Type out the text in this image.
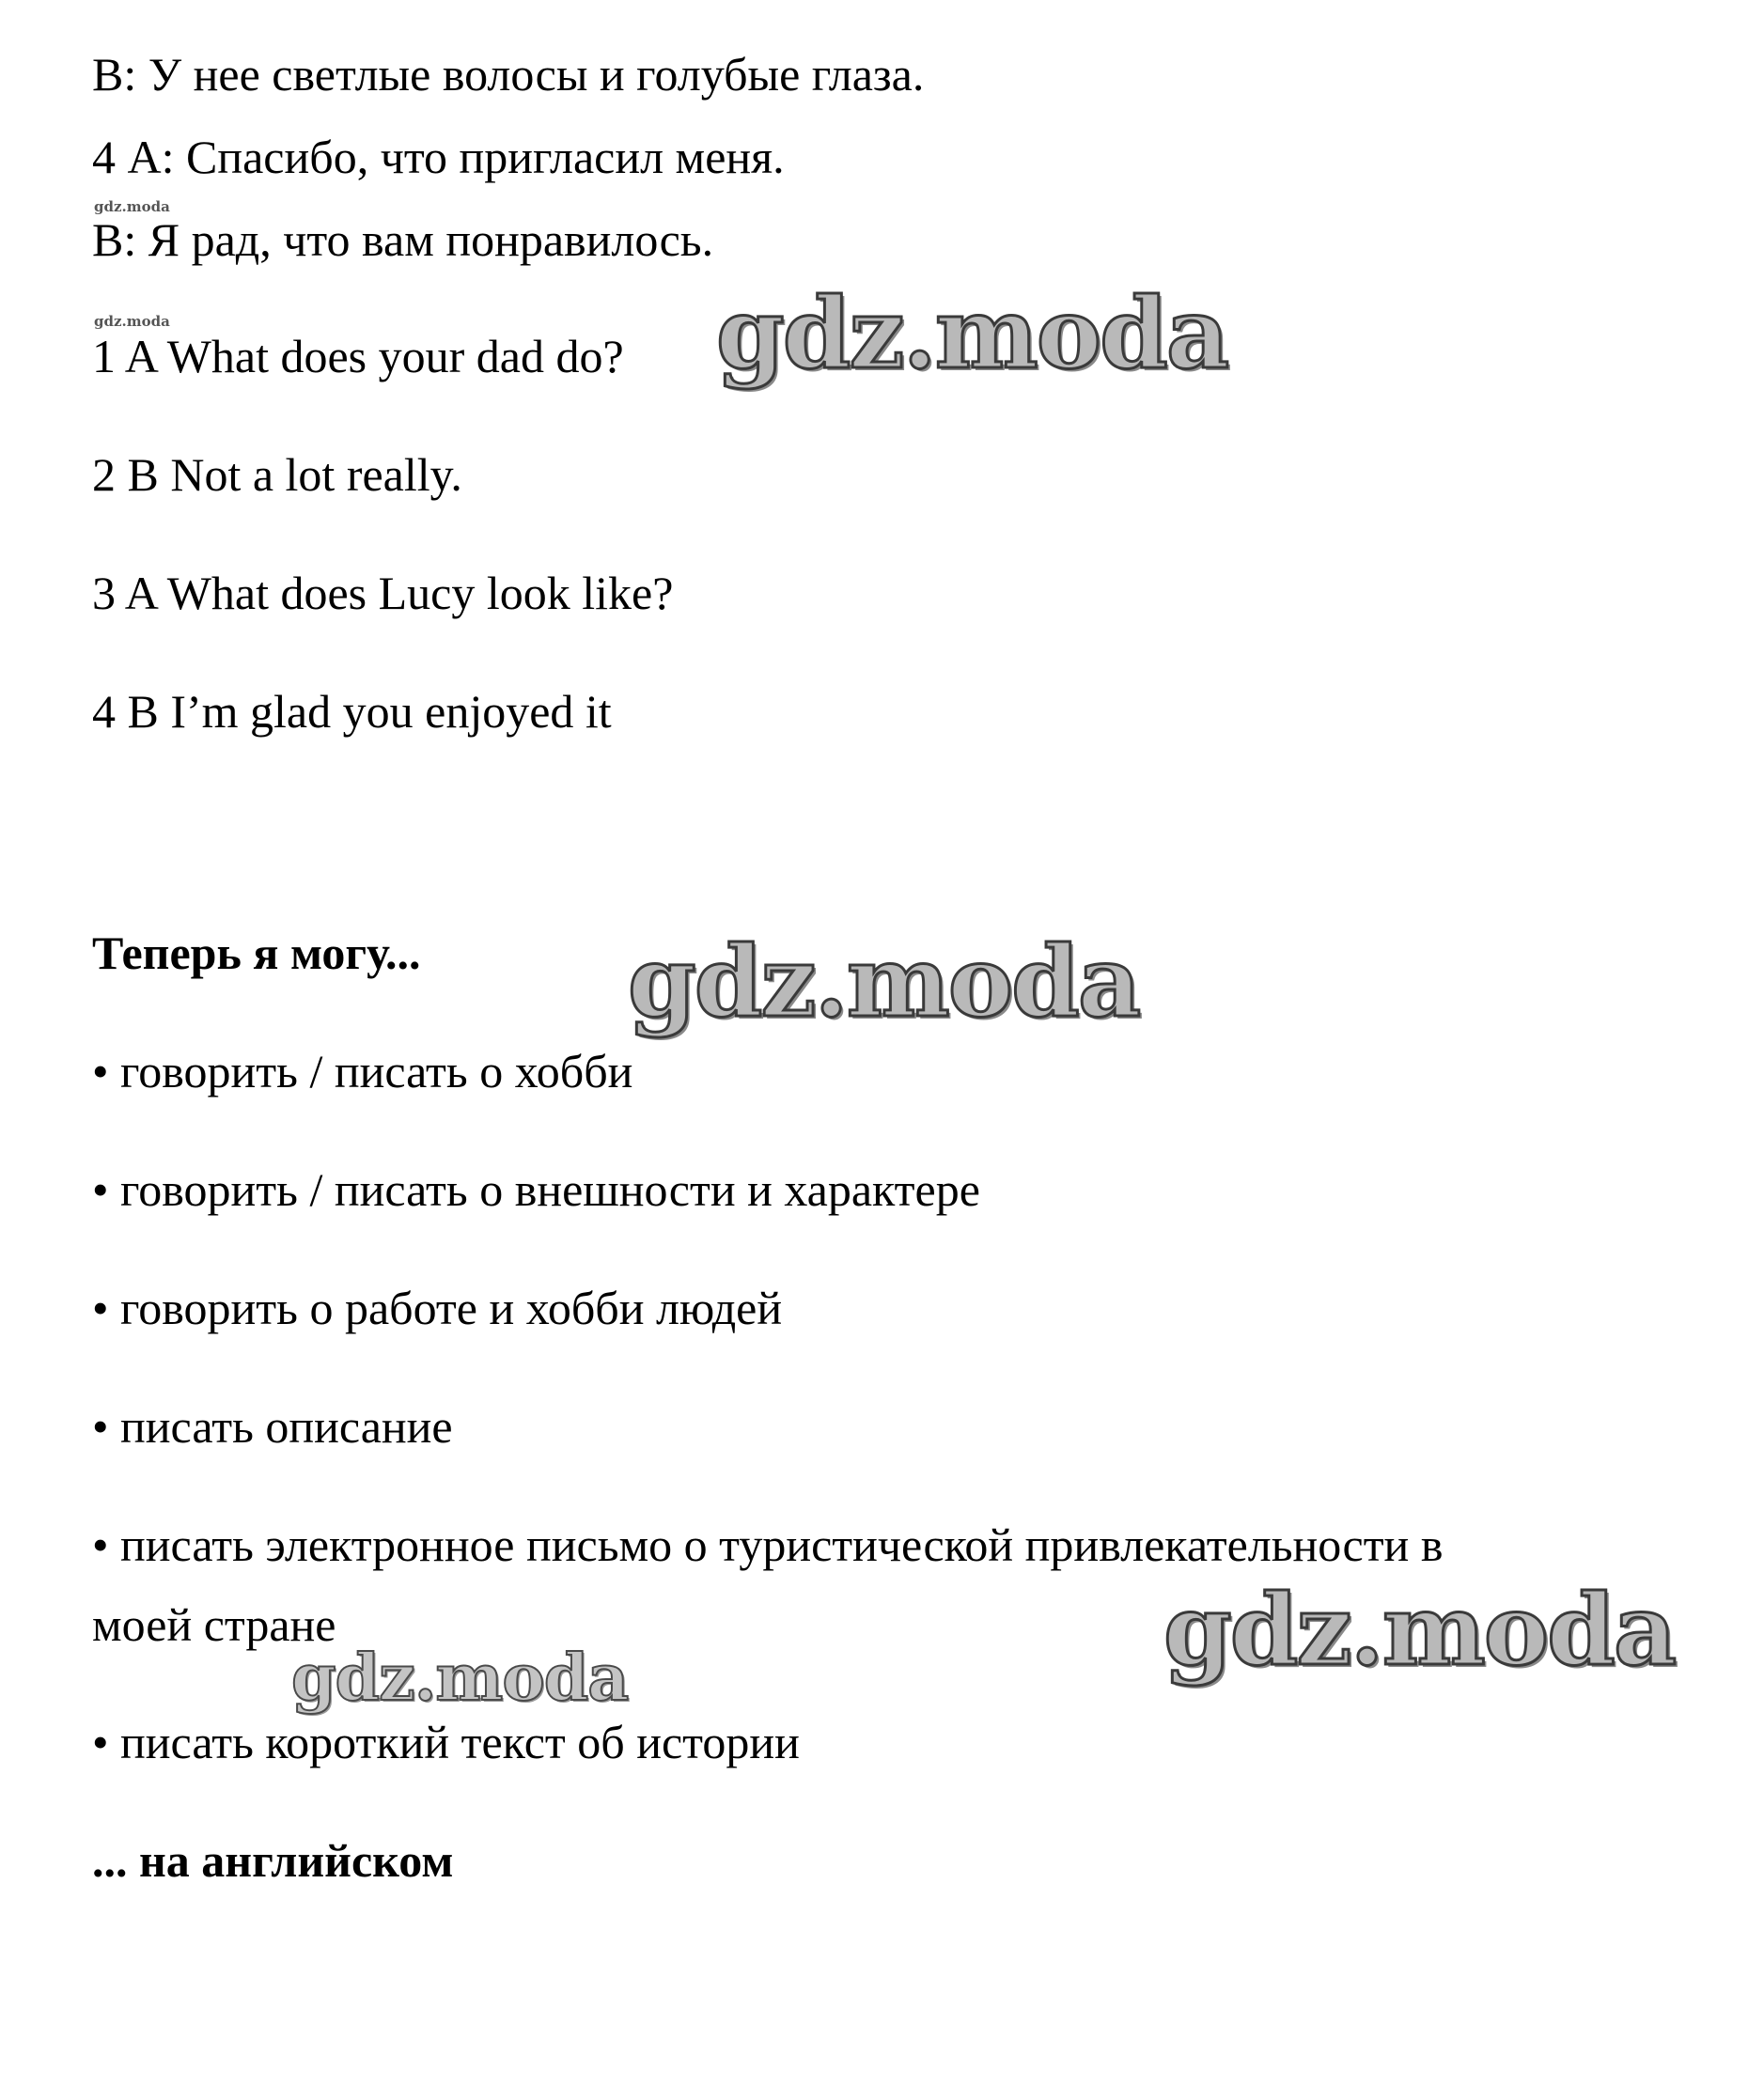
В: У нее светлые волосы и голубые глаза.
4 А: Спасибо, что пригласил меня.
В: Я рад, что вам понравилось.
1 A What does your dad do?
2 B Not a lot really.
3 A What does Lucy look like?
4 B I’m glad you enjoyed it
Теперь я могу...
• говорить / писать о хобби
• говорить / писать о внешности и характере
• говорить о работе и хобби людей
• писать описание
• писать электронное письмо о туристической привлекательности в
моей стране
• писать короткий текст об истории
... на английском
gdz.moda
gdz.moda	gdz.moda
gdz.moda
gdz.moda
gdz.moda
